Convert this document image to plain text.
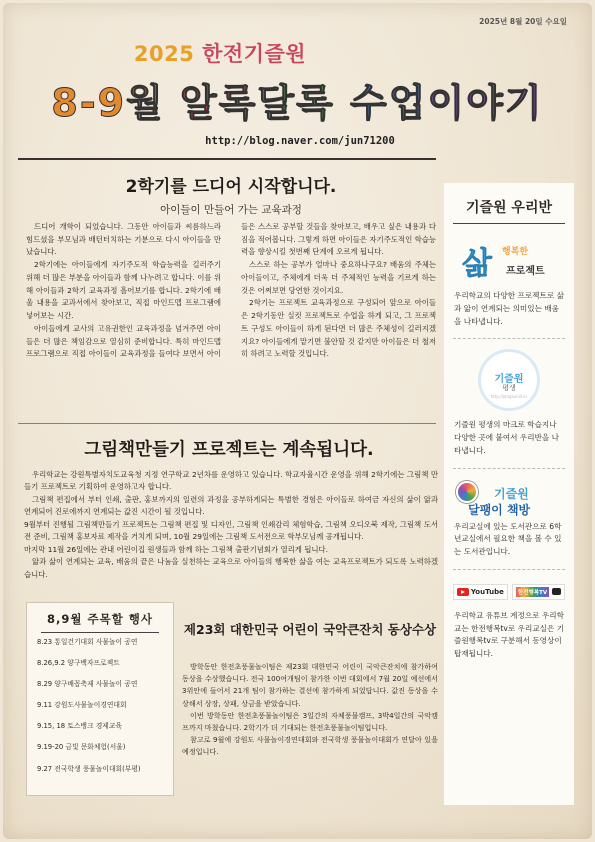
2025년 8월 20일 수요일
2025 한전기즐원
8-9월 알록달록 수업이야기
http://blog.naver.com/jun71200
2학기를 드디어 시작합니다.
아이들이 만들어 가는 교육과정

드디어 개학이 되었습니다. 그동안 아이들과 씨름하느라 힘드셨을 부모님과 배턴터치하는 기분으로 다시 아이들을 만났습니다.

2학기에는 아이들에게 자기주도적 학습능력을 길러주기 위해 더 많은 부분을 아이들과 함께 나누려고 합니다. 이를 위해 아이들과 2학기 교육과정 흘어보기를 합니다. 2학기에 배울 내용을 교과서에서 찾아보고, 직접 마인드맵 프로그램에 넣어보는 시간.

아이들에게 교사의 고유권한인 교육과정을 넘겨주면 아이들은 더 많은 책임감으로 열심히 준비합니다. 특히 마인드맵 프로그램으로 직접 아이들이 교육과정을 들여다 보면서 아이들은 스스로 공부할 것들을 찾아보고, 배우고 싶은 내용과 다짐을 적어봅니다. 그렇게 하면 아이들은 자기주도적인 학습능력을 향상시킬 첫번째 단계에 오르게 됩니다.

스스로 하는 공부가 얼마나 중요하나구요? 배움의 주체는 아이들이고, 주체에게 더욱 더 주체적인 능력을 기르게 하는 것은 어쩌보면 당연한 것이지요.

2학기는 프로젝트 교육과정으로 구성되어 앞으로 아이들은 2학기동안 실컷 프로젝트로 수업을 하게 되고, 그 프로젝트 구성도 아이들이 하게 된다면 더 많은 주체성이 길러지겠지요? 아이들에게 맡기면 불안할 것 같지만 아이들은 더 철저히 하려고 노력할 것입니다.

그림책만들기 프로젝트는 계속됩니다.

우리학교는 강원특별자치도교육청 지정 연구학교 2년차를 운영하고 있습니다. 학교자율시간 운영을 위해 2학기에는 그림책 만들기 프로젝트로 기획하여 운영하고자 합니다.

그림책 편집에서 부터 인쇄, 출판, 홍보까지의 일련의 과정을 공부하게되는 특별한 경험은 아이들로 하여금 자신의 삶이 앎과 연계되어 진로에까지 연계되는 값진 시간이 될 것입니다.

9월부터 진행될 그림책만들기 프로젝트는 그림책 편집 및 디자인, 그림책 인쇄감리 체험학습, 그림책 오디오북 제작, 그림책 도서전 준비, 그림책 홍보자료 제작을 거치게 되며, 10월 29일에는 그림책 도서전으로 학부모님께 공개됩니다.

마지막 11월 26일에는 관내 어린이집 원생들과 함께 하는 그림책 출판기념회가 열리게 됩니다.

앎과 삶이 연계되는 교육, 배움의 끝은 나눔을 실천하는 교육으로 아이들의 행복한 삶을 여는 교육프로젝트가 되도록 노력하겠습니다.

8,9월 주목할 행사
8.23 통일건기대회 사물놀이 공연
8.26,9.2 양구백자프로젝트
8.29 양구배꼽축제 사물놀이 공연
9.11 강원도사물놀이경연대회
9.15, 18 토스뱅크 경제교육
9.19-20 금빛 문화체험(서울)
9.27 전국학생 풍물놀이대회(부평)
제23회 대한민국 어린이 국악큰잔치 동상수상

방학동안 한전초풍물놀이팀은 제23회 대한민국 어린이 국악큰잔치에 참가하여 동상을 수상했습니다. 전국 100여개팀이 참가한 이번 대회에서 7월 20일 예선에서 3위안에 들어서 21개 팀이 참가하는 결선에 참가하게 되었답니다. 값진 동상을 수상해서 상장, 상패, 상금을 받았습니다.

이번 방학동안 한전초풍물놀이팀은 3일간의 자체풍물캠프, 3박4일간의 국악캠프까지 마쳤습니다. 2학기가 더 기대되는 한전초풍물놀이팀입니다.

참고로 9월에 강원도 사물놀이경연대회와 전국학생 풍물놀이대회가 연달아 있을 예정입니다.

기즐원 우리반
삶 행복한
프로젝트
우리학교의 다양한 프로젝트로 삶과 앎이 연계되는 의미있는 배움을 나타냅니다.
기즐원
평생
http://jangsunill.kr
기즐원 평생의 마크로 학습지나 다양한 곳에 붙여서 우리반을 나타냅니다.
기즐원
달팽이 책방
우리교실에 있는 도서관으로 6학년교실에서 필요한 책을 볼 수 있는 도서관입니다.
YouTube	한전행복TV
우리학교 유튜브 계정으로 우리학교는 한전행복tv로 우리교실은 기즐원행복tv로 구분해서 동영상이 탑재됩니다.
